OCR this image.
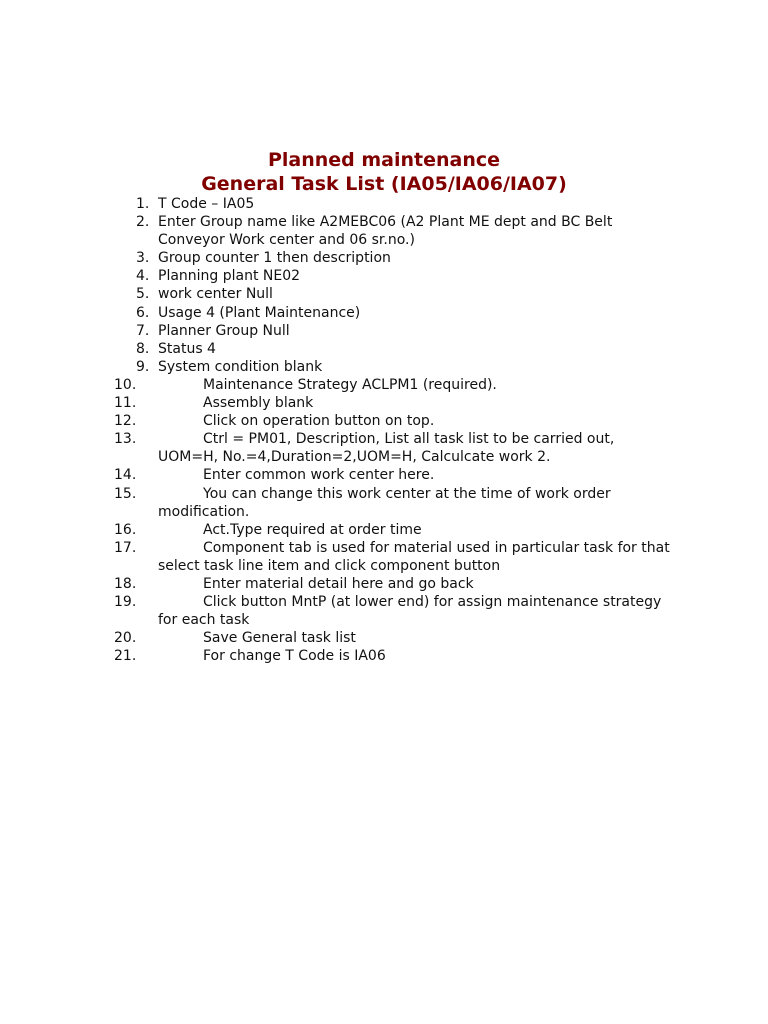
Planned maintenance
General Task List (IA05/IA06/IA07)
1. T Code – IA05
2. Enter Group name like A2MEBC06 (A2 Plant ME dept and BC Belt Conveyor Work center and 06 sr.no.)
3. Group counter 1 then description
4. Planning plant NE02
5. work center Null
6. Usage 4 (Plant Maintenance)
7. Planner Group Null
8. Status 4
9. System condition blank
10.	Maintenance Strategy ACLPM1 (required).
11.	Assembly blank
12.	Click on operation button on top.
13.	Ctrl = PM01, Description, List all task list to be carried out, UOM=H, No.=4,Duration=2,UOM=H, Calculcate work 2.
14.	Enter common work center here.
15.	You can change this work center at the time of work order modification.
16.	Act.Type required at order time
17.	Component tab is used for material used in particular task for that select task line item and click component button
18.	Enter material detail here and go back
19.	Click button MntP (at lower end) for assign maintenance strategy for each task
20.	Save General task list
21.	For change T Code is IA06
